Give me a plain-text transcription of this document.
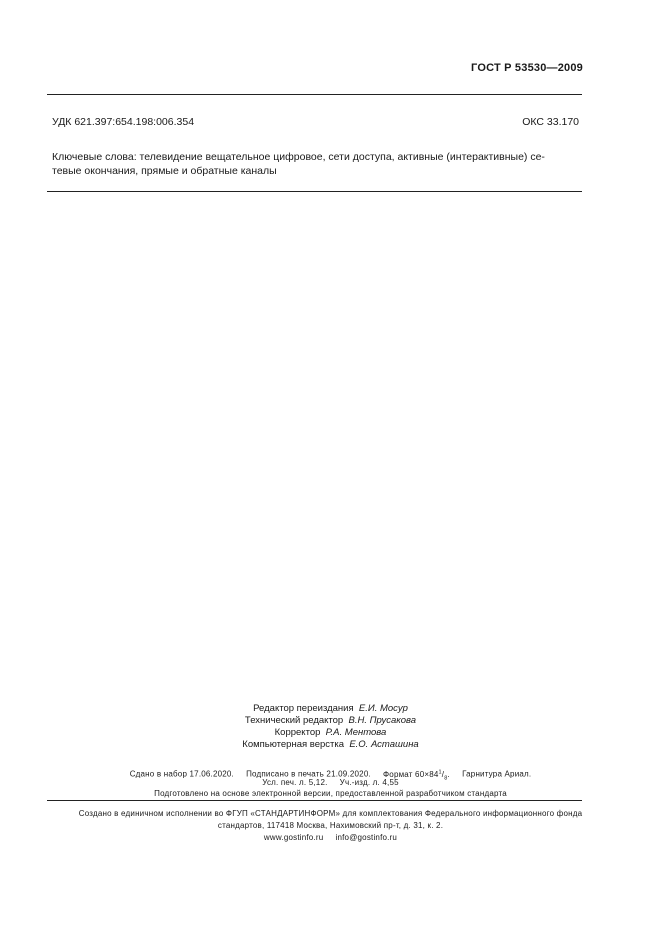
ГОСТ Р 53530—2009
УДК 621.397:654.198:006.354	ОКС 33.170
Ключевые слова: телевидение вещательное цифровое, сети доступа, активные (интерактивные) се-
тевые окончания, прямые и обратные каналы
Редактор переиздания Е.И. Мосур
Технический редактор В.Н. Прусакова
Корректор Р.А. Ментова
Компьютерная верстка Е.О. Асташина
Сдано в набор 17.06.2020. Подписано в печать 21.09.2020. Формат $60\times 84^1/_8$. Гарнитура Ариал.
Усл. печ. л. 5,12. Уч.-изд. л. 4,55
Подготовлено на основе электронной версии, предоставленной разработчиком стандарта
Создано в единичном исполнении во ФГУП «СТАНДАРТИНФОРМ» для комплектования Федерального информационного фонда
стандартов, 117418 Москва, Нахимовский пр-т, д. 31, к. 2.
www.gostinfo.ru info@gostinfo.ru
